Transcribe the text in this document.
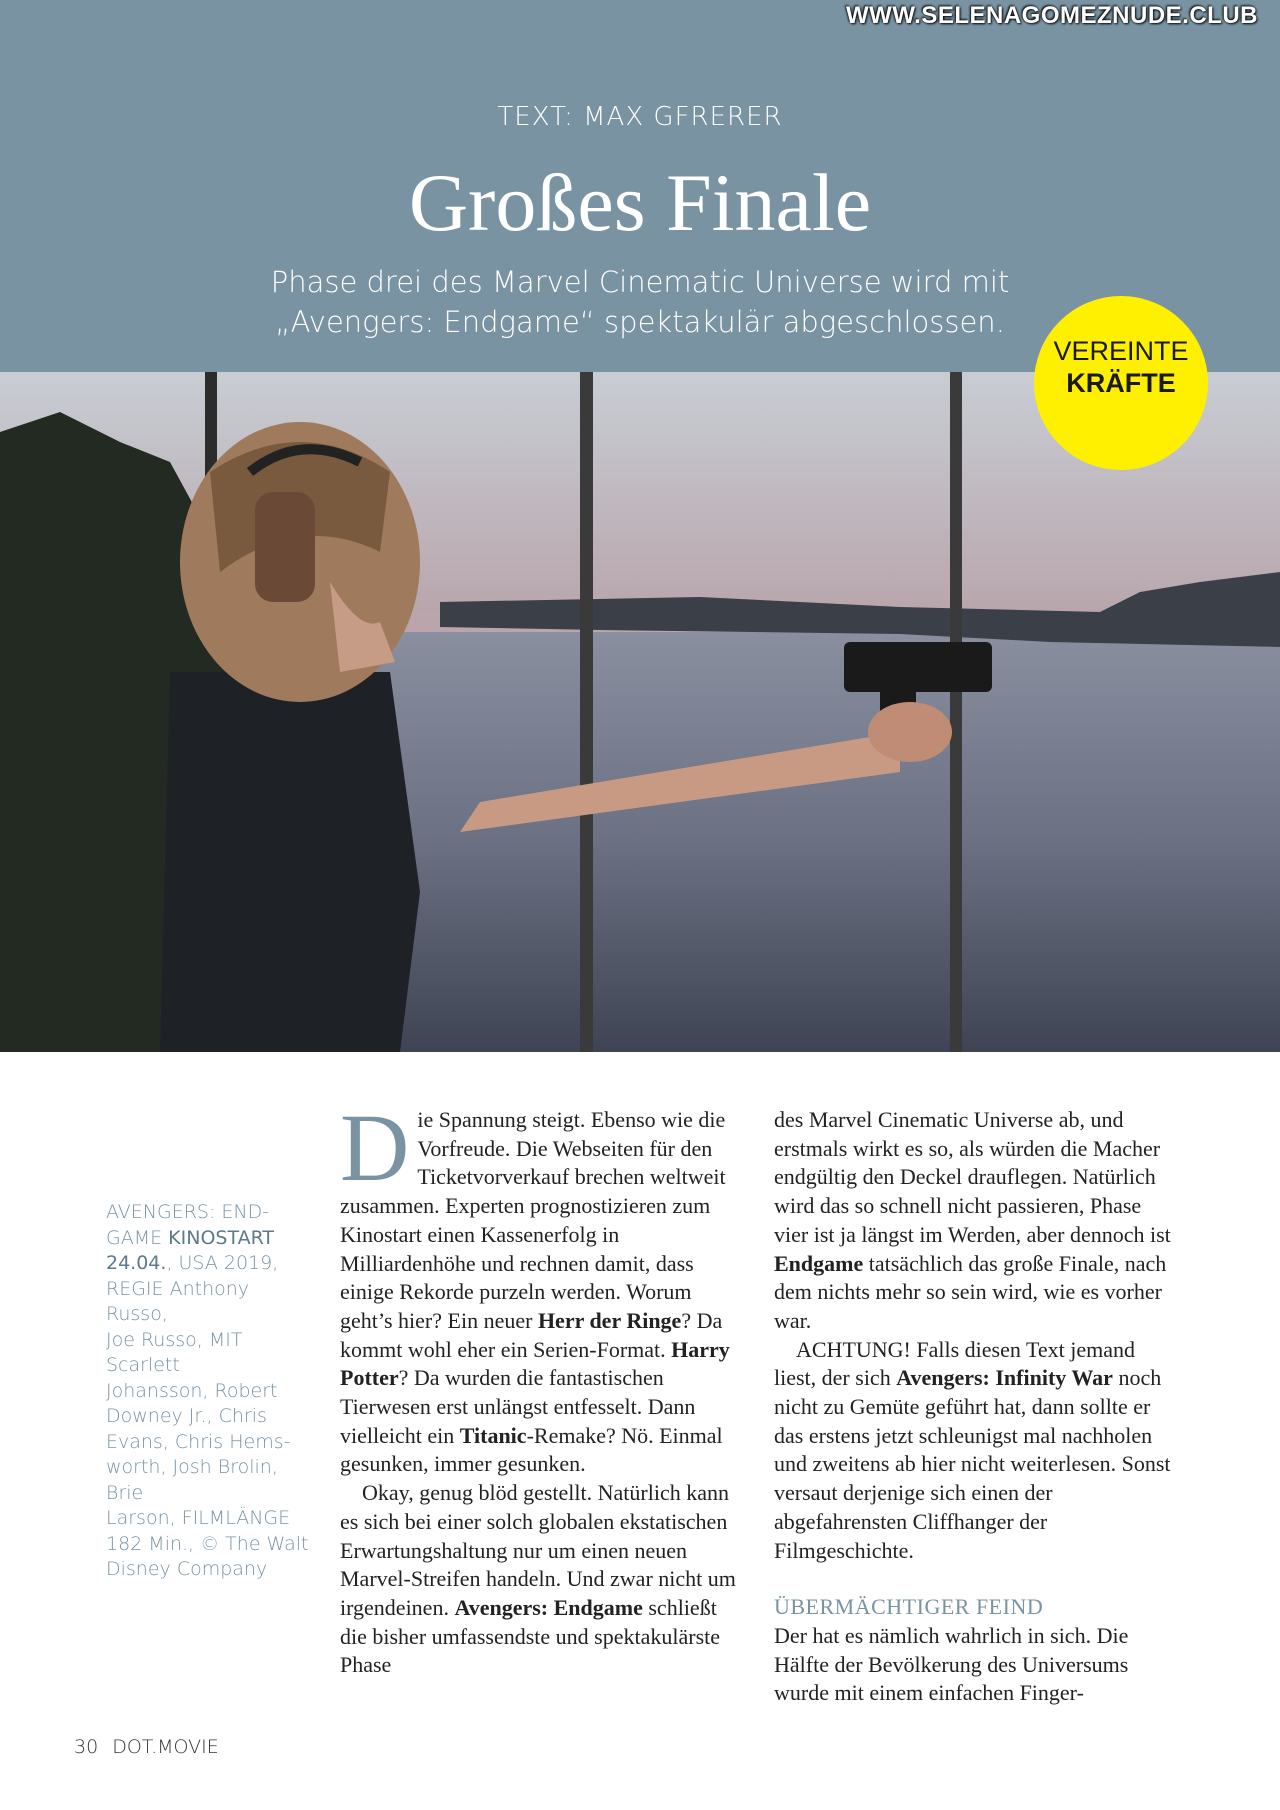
TEXT: MAX GFRERER
Großes Finale
Phase drei des Marvel Cinematic Universe wird mit
„Avengers: Endgame“ spektakulär abgeschlossen.
WWW.SELENAGOMEZNUDE.CLUB
VEREINTE
KRÄFTE
AVENGERS: END-
GAME KINOSTART
24.04., USA 2019,
REGIE Anthony Russo,
Joe Russo, MIT Scarlett
Johansson, Robert
Downey Jr., Chris
Evans, Chris Hems-
worth, Josh Brolin, Brie
Larson, FILMLÄNGE
182 Min., © The Walt
Disney Company

Die Spannung steigt. Ebenso wie die Vorfreude. Die Webseiten für den Ticketvorverkauf brechen weltweit zusammen. Experten prognostizieren zum Kinostart einen Kassenerfolg in Milliardenhöhe und rechnen damit, dass einige Rekorde purzeln werden. Worum geht’s hier? Ein neuer Herr der Ringe? Da kommt wohl eher ein Serien-Format. Harry Potter? Da wurden die fantastischen Tierwesen erst unlängst entfesselt. Dann vielleicht ein Titanic-Remake? Nö. Einmal gesunken, immer gesunken.

Okay, genug blöd gestellt. Natürlich kann es sich bei einer solch globalen ekstatischen Erwartungshaltung nur um einen neuen Marvel-Streifen handeln. Und zwar nicht um irgendeinen. Avengers: Endgame schließt die bisher umfassendste und spektakulärste Phase

des Marvel Cinematic Universe ab, und erstmals wirkt es so, als würden die Macher endgültig den Deckel drauflegen. Natürlich wird das so schnell nicht passieren, Phase vier ist ja längst im Werden, aber dennoch ist Endgame tatsächlich das große Finale, nach dem nichts mehr so sein wird, wie es vorher war.

ACHTUNG! Falls diesen Text jemand liest, der sich Avengers: Infinity War noch nicht zu Gemüte geführt hat, dann sollte er das erstens jetzt schleunigst mal nachholen und zweitens ab hier nicht weiterlesen. Sonst versaut derjenige sich einen der abgefahrensten Cliffhanger der Filmgeschichte.

ÜBERMÄCHTIGER FEIND

Der hat es nämlich wahrlich in sich. Die Hälfte der Bevölkerung des Universums wurde mit einem einfachen Finger-

30 DOT.MOVIE
